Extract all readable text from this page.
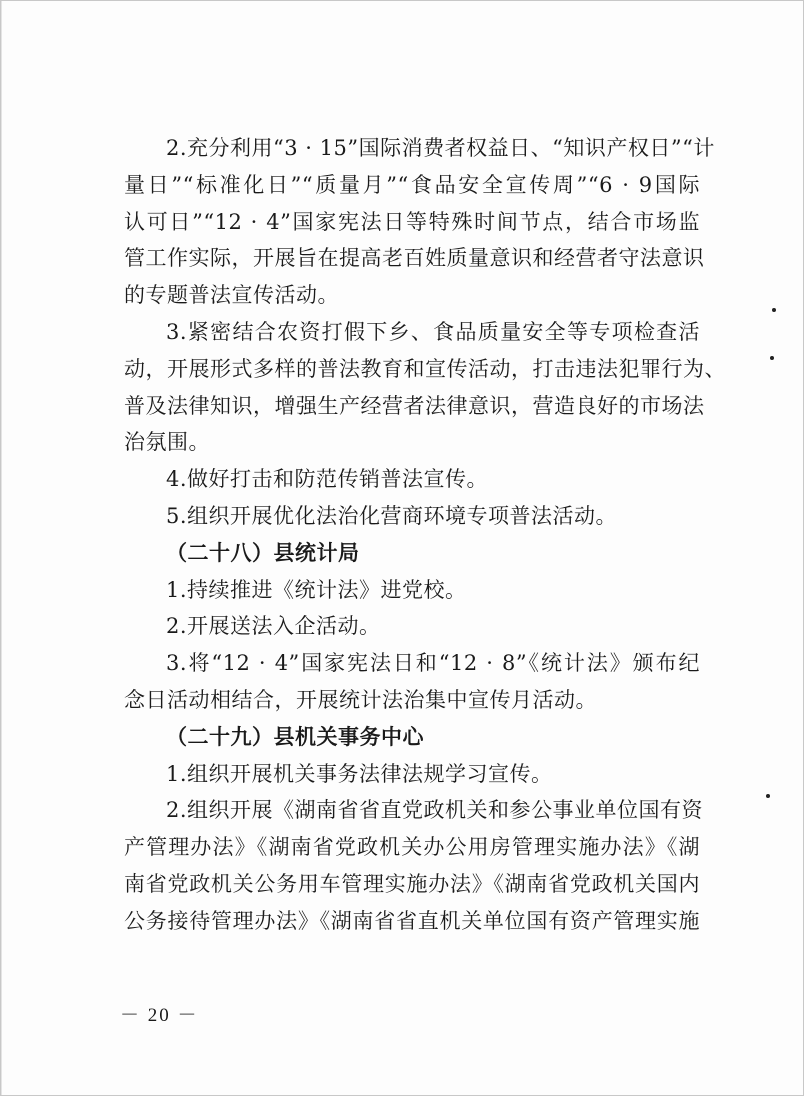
2.充分利用“3 · 15”国际消费者权益日、“知识产权日”“计
量日”“标准化日”“质量月”“食品安全宣传周”“6 · 9国际
认可日”“12 · 4”国家宪法日等特殊时间节点，结合市场监
管工作实际，开展旨在提高老百姓质量意识和经营者守法意识
的专题普法宣传活动。
3.紧密结合农资打假下乡、食品质量安全等专项检查活
动，开展形式多样的普法教育和宣传活动，打击违法犯罪行为、
普及法律知识，增强生产经营者法律意识，营造良好的市场法
治氛围。
4.做好打击和防范传销普法宣传。
5.组织开展优化法治化营商环境专项普法活动。
（二十八）县统计局
1.持续推进《统计法》进党校。
2.开展送法入企活动。
3.将“12 · 4”国家宪法日和“12 · 8”《统计法》颁布纪
念日活动相结合，开展统计法治集中宣传月活动。
（二十九）县机关事务中心
1.组织开展机关事务法律法规学习宣传。
2.组织开展《湖南省省直党政机关和参公事业单位国有资
产管理办法》《湖南省党政机关办公用房管理实施办法》《湖
南省党政机关公务用车管理实施办法》《湖南省党政机关国内
公务接待管理办法》《湖南省省直机关单位国有资产管理实施
－ 20 －
